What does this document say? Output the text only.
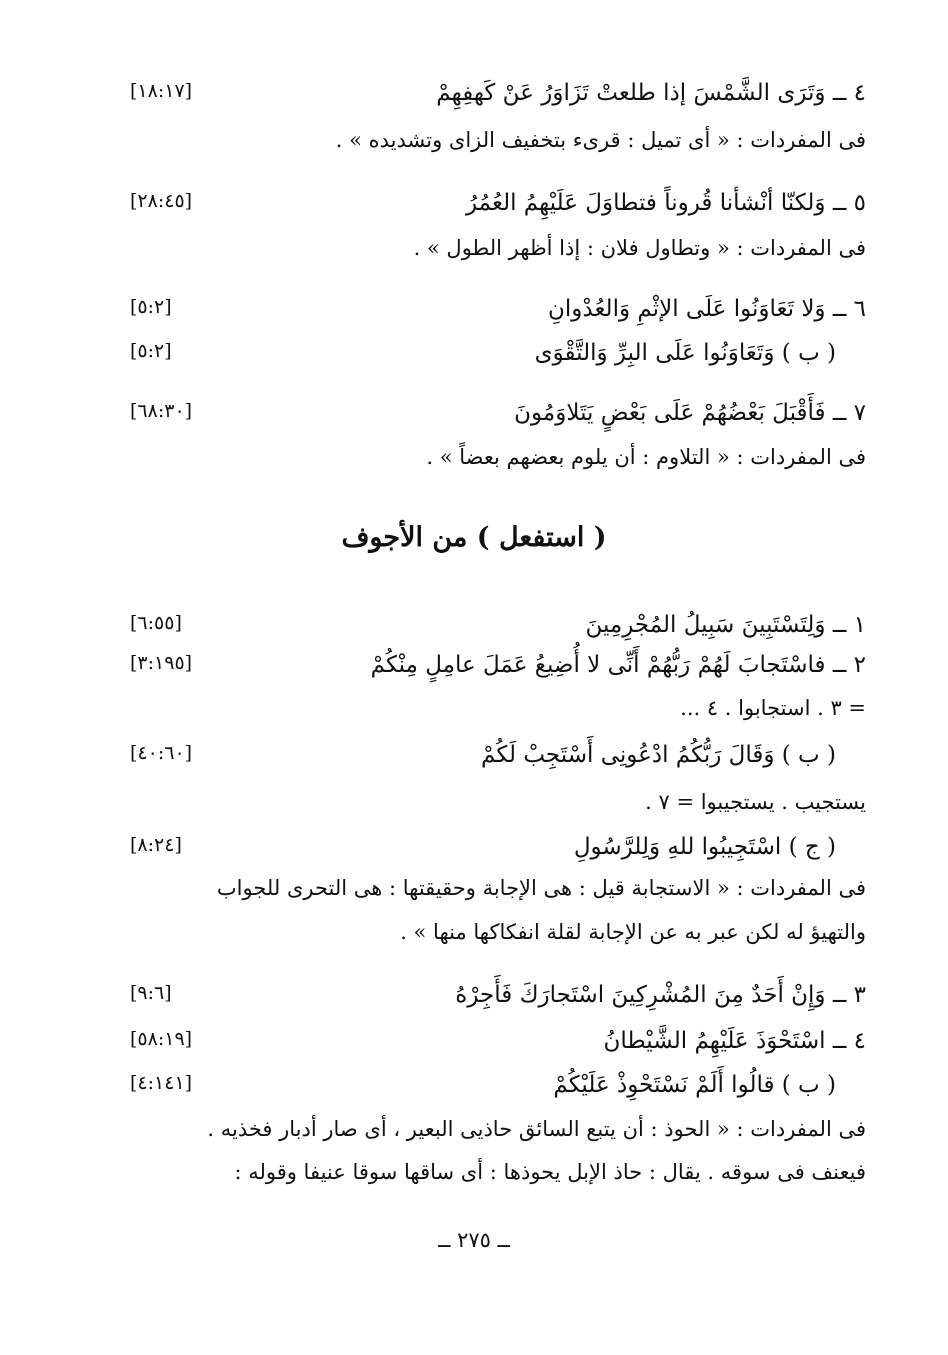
٤ ــ وَتَرَى الشَّمْسَ إذا طلعتْ تَزَاوَرُ عَنْ كَهفِهِمْ
[١٨:١٧]
فى المفردات : « أى تميل : قرىء بتخفيف الزاى وتشديده » .
٥ ــ وَلكنّا أنْشأنا قُروناً فتطاوَلَ عَلَيْهِمُ العُمُرُ
[٢٨:٤٥]
فى المفردات : « وتطاول فلان : إذا أظهر الطول » .
٦ ــ وَلا تَعَاوَنُوا عَلَى الإثْمِ وَالعُدْوانِ
[٥:٢]
( ب ) وَتَعَاوَنُوا عَلَى البِرِّ وَالتَّقْوَى
[٥:٢]
٧ ــ فَأَقْبَلَ بَعْضُهُمْ عَلَى بَعْضٍ يَتَلاوَمُونَ
[٦٨:٣٠]
فى المفردات : « التلاوم : أن يلوم بعضهم بعضاً » .
( استفعل ) من الأجوف
١ ــ وَلِتَسْتَبِينَ سَبِيلُ المُجْرِمِينَ
[٦:٥٥]
٢ ــ فاسْتَجابَ لَهُمْ رَبُّهُمْ أَنِّى لا أُضِيعُ عَمَلَ عامِلٍ مِنْكُمْ
[٣:١٩٥]
= ٣ . استجابوا . ٤ ...
( ب ) وَقَالَ رَبُّكُمُ ادْعُونِى أَسْتَجِبْ لَكُمْ
[٤٠:٦٠]
يستجيب . يستجيبوا = ٧ .
( ج ) اسْتَجِيبُوا للهِ وَلِلرَّسُولِ
[٨:٢٤]
فى المفردات : « الاستجابة قيل : هى الإجابة وحقيقتها : هى التحرى للجواب
والتهيؤ له لكن عبر به عن الإجابة لقلة انفكاكها منها » .
٣ ــ وَإِنْ أَحَدٌ مِنَ المُشْرِكِينَ اسْتَجارَكَ فَأَجِرْهُ
[٩:٦]
٤ ــ اسْتَحْوَذَ عَلَيْهِمُ الشَّيْطانُ
[٥٨:١٩]
( ب ) قالُوا أَلَمْ نَسْتَحْوِذْ عَلَيْكُمْ
[٤:١٤١]
فى المفردات : « الحوذ : أن يتبع السائق حاذيى البعير ، أى صار أدبار فخذيه .
فيعنف فى سوقه . يقال : حاذ الإبل يحوذها : أى ساقها سوقا عنيفا وقوله :
ــ ٢٧٥ ــ
